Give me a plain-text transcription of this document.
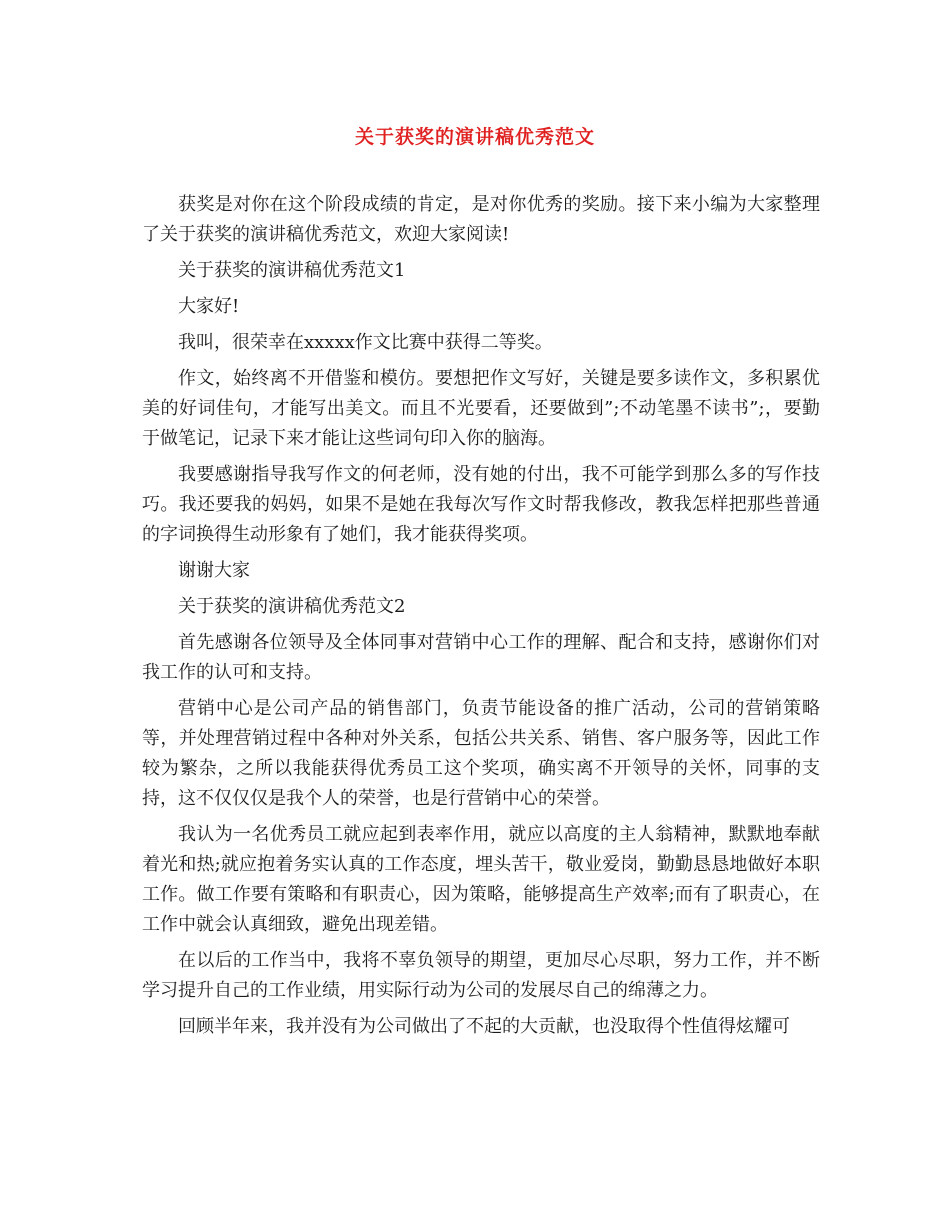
关于获奖的演讲稿优秀范文

获奖是对你在这个阶段成绩的肯定，是对你优秀的奖励。接下来小编为大家整理了关于获奖的演讲稿优秀范文，欢迎大家阅读!

关于获奖的演讲稿优秀范文1

大家好!

我叫，很荣幸在xxxxx作文比赛中获得二等奖。

作文，始终离不开借鉴和模仿。要想把作文写好，关键是要多读作文，多积累优美的好词佳句，才能写出美文。而且不光要看，还要做到”;不动笔墨不读书”;，要勤于做笔记，记录下来才能让这些词句印入你的脑海。

我要感谢指导我写作文的何老师，没有她的付出，我不可能学到那么多的写作技巧。我还要我的妈妈，如果不是她在我每次写作文时帮我修改，教我怎样把那些普通的字词换得生动形象有了她们，我才能获得奖项。

谢谢大家

关于获奖的演讲稿优秀范文2

首先感谢各位领导及全体同事对营销中心工作的理解、配合和支持，感谢你们对我工作的认可和支持。

营销中心是公司产品的销售部门，负责节能设备的推广活动，公司的营销策略等，并处理营销过程中各种对外关系，包括公共关系、销售、客户服务等，因此工作较为繁杂，之所以我能获得优秀员工这个奖项，确实离不开领导的关怀，同事的支持，这不仅仅仅是我个人的荣誉，也是行营销中心的荣誉。

我认为一名优秀员工就应起到表率作用，就应以高度的主人翁精神，默默地奉献着光和热;就应抱着务实认真的工作态度，埋头苦干，敬业爱岗，勤勤恳恳地做好本职工作。做工作要有策略和有职责心，因为策略，能够提高生产效率;而有了职责心，在工作中就会认真细致，避免出现差错。

在以后的工作当中，我将不辜负领导的期望，更加尽心尽职，努力工作，并不断学习提升自己的工作业绩，用实际行动为公司的发展尽自己的绵薄之力。

回顾半年来，我并没有为公司做出了不起的大贡献，也没取得个性值得炫耀可
